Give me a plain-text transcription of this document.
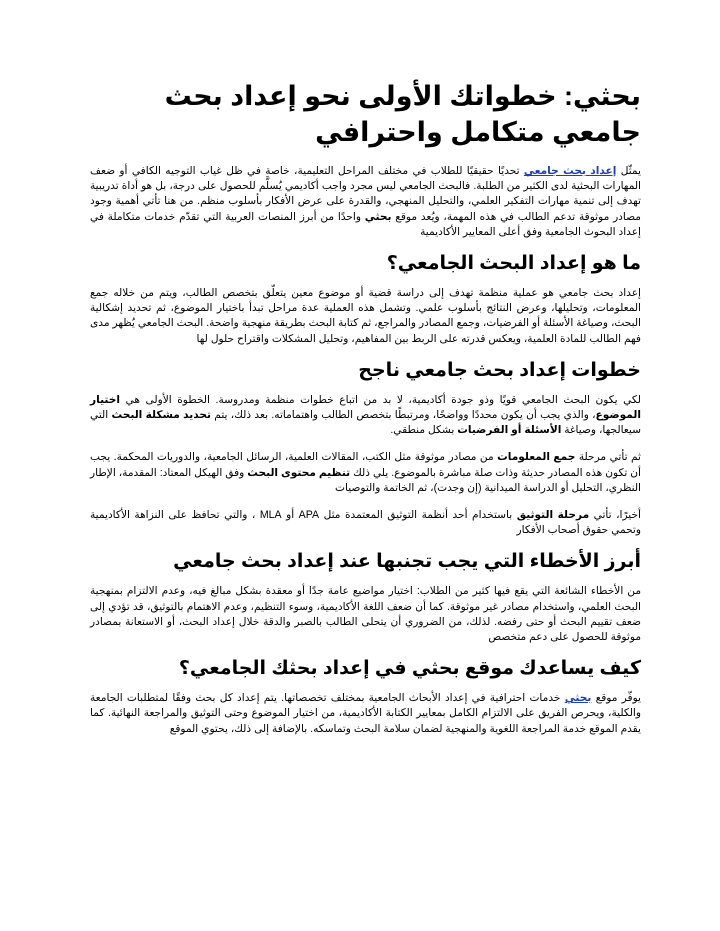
بحثي: خطواتك الأولى نحو إعداد بحث جامعي متكامل واحترافي

يمثّل إعداد بحث جامعي تحديًا حقيقيًا للطلاب في مختلف المراحل التعليمية، خاصة في ظل غياب التوجيه الكافي أو ضعف المهارات البحثية لدى الكثير من الطلبة. فالبحث الجامعي ليس مجرد واجب أكاديمي يُسلَّم للحصول على درجة، بل هو أداة تدريبية تهدف إلى تنمية مهارات التفكير العلمي، والتحليل المنهجي، والقدرة على عرض الأفكار بأسلوب منظم. من هنا تأتي أهمية وجود مصادر موثوقة تدعم الطالب في هذه المهمة، ويُعد موقع بحثي واحدًا من أبرز المنصات العربية التي تقدّم خدمات متكاملة في إعداد البحوث الجامعية وفق أعلى المعايير الأكاديمية

ما هو إعداد البحث الجامعي؟

إعداد بحث جامعي هو عملية منظمة تهدف إلى دراسة قضية أو موضوع معين يتعلّق بتخصص الطالب، ويتم من خلاله جمع المعلومات، وتحليلها، وعرض النتائج بأسلوب علمي. وتشمل هذه العملية عدة مراحل تبدأ باختيار الموضوع، ثم تحديد إشكالية البحث، وصياغة الأسئلة أو الفرضيات، وجمع المصادر والمراجع، ثم كتابة البحث بطريقة منهجية واضحة. البحث الجامعي يُظهر مدى فهم الطالب للمادة العلمية، ويعكس قدرته على الربط بين المفاهيم، وتحليل المشكلات واقتراح حلول لها

خطوات إعداد بحث جامعي ناجح

لكي يكون البحث الجامعي قويًا وذو جودة أكاديمية، لا بد من اتباع خطوات منظمة ومدروسة. الخطوة الأولى هي اختيار الموضوع، والذي يجب أن يكون محددًا وواضحًا، ومرتبطًا بتخصص الطالب واهتماماته. بعد ذلك، يتم تحديد مشكلة البحث التي سيعالجها، وصياغة الأسئلة أو الفرضيات بشكل منطقي.

ثم تأتي مرحلة جمع المعلومات من مصادر موثوقة مثل الكتب، المقالات العلمية، الرسائل الجامعية، والدوريات المحكمة. يجب أن تكون هذه المصادر حديثة وذات صلة مباشرة بالموضوع. يلي ذلك تنظيم محتوى البحث وفق الهيكل المعتاد: المقدمة، الإطار النظري، التحليل أو الدراسة الميدانية (إن وجدت)، ثم الخاتمة والتوصيات

أخيرًا، تأتي مرحلة التوثيق باستخدام أحد أنظمة التوثيق المعتمدة مثل APA أو MLA ، والتي تحافظ على النزاهة الأكاديمية وتحمي حقوق أصحاب الأفكار

أبرز الأخطاء التي يجب تجنبها عند إعداد بحث جامعي

من الأخطاء الشائعة التي يقع فيها كثير من الطلاب: اختيار مواضيع عامة جدًا أو معقدة بشكل مبالغ فيه، وعدم الالتزام بمنهجية البحث العلمي، واستخدام مصادر غير موثوقة. كما أن ضعف اللغة الأكاديمية، وسوء التنظيم، وعدم الاهتمام بالتوثيق، قد تؤدي إلى ضعف تقييم البحث أو حتى رفضه. لذلك، من الضروري أن يتحلى الطالب بالصبر والدقة خلال إعداد البحث، أو الاستعانة بمصادر موثوقة للحصول على دعم متخصص

كيف يساعدك موقع بحثي في إعداد بحثك الجامعي؟

يوفّر موقع بحثي خدمات احترافية في إعداد الأبحاث الجامعية بمختلف تخصصاتها. يتم إعداد كل بحث وفقًا لمتطلبات الجامعة والكلية، ويحرص الفريق على الالتزام الكامل بمعايير الكتابة الأكاديمية، من اختيار الموضوع وحتى التوثيق والمراجعة النهائية. كما يقدم الموقع خدمة المراجعة اللغوية والمنهجية لضمان سلامة البحث وتماسكه. بالإضافة إلى ذلك، يحتوي الموقع
